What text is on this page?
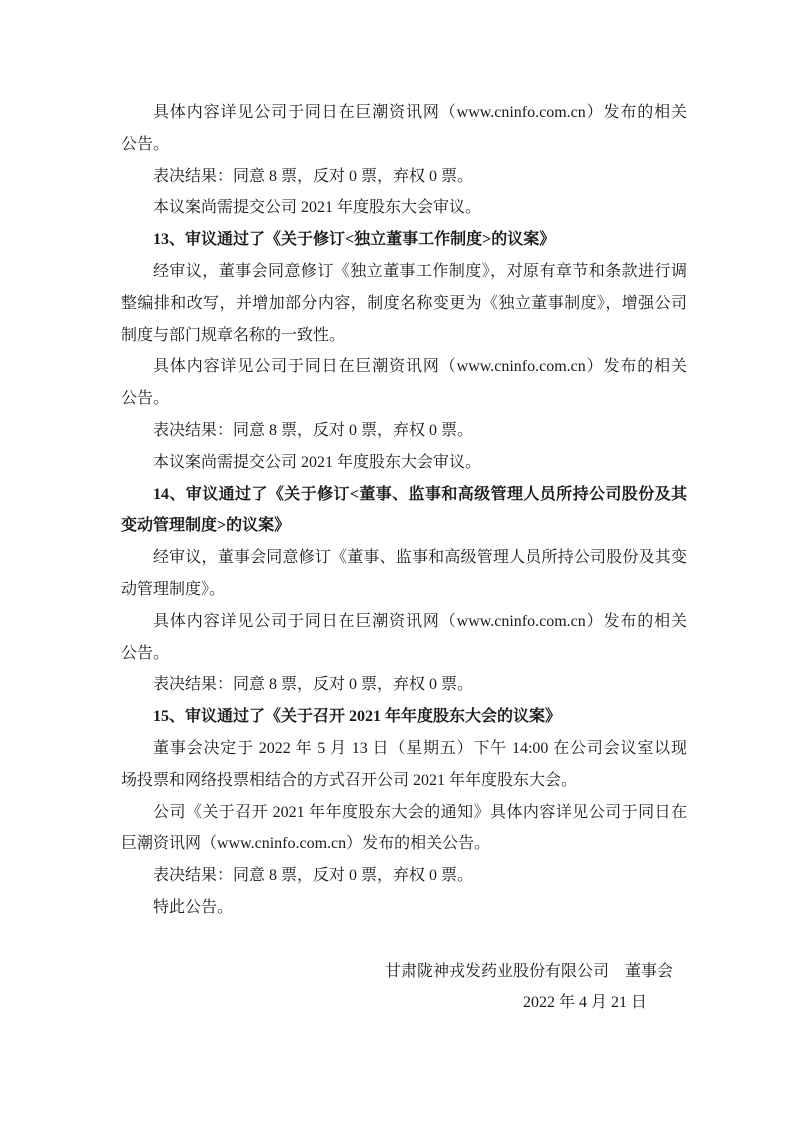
具体内容详见公司于同日在巨潮资讯网（www.cninfo.com.cn）发布的相关
公告。
表决结果：同意 8 票，反对 0 票，弃权 0 票。
本议案尚需提交公司 2021 年度股东大会审议。
13、审议通过了《关于修订<独立董事工作制度>的议案》
经审议，董事会同意修订《独立董事工作制度》，对原有章节和条款进行调
整编排和改写，并增加部分内容，制度名称变更为《独立董事制度》，增强公司
制度与部门规章名称的一致性。
具体内容详见公司于同日在巨潮资讯网（www.cninfo.com.cn）发布的相关
公告。
表决结果：同意 8 票，反对 0 票，弃权 0 票。
本议案尚需提交公司 2021 年度股东大会审议。
14、审议通过了《关于修订<董事、监事和高级管理人员所持公司股份及其
变动管理制度>的议案》
经审议，董事会同意修订《董事、监事和高级管理人员所持公司股份及其变
动管理制度》。
具体内容详见公司于同日在巨潮资讯网（www.cninfo.com.cn）发布的相关
公告。
表决结果：同意 8 票，反对 0 票，弃权 0 票。
15、审议通过了《关于召开 2021 年年度股东大会的议案》
董事会决定于 2022 年 5 月 13 日（星期五）下午 14:00 在公司会议室以现
场投票和网络投票相结合的方式召开公司 2021 年年度股东大会。
公司《关于召开 2021 年年度股东大会的通知》具体内容详见公司于同日在
巨潮资讯网（www.cninfo.com.cn）发布的相关公告。
表决结果：同意 8 票，反对 0 票，弃权 0 票。
特此公告。
甘肃陇神戎发药业股份有限公司　董事会
2022 年 4 月 21 日
